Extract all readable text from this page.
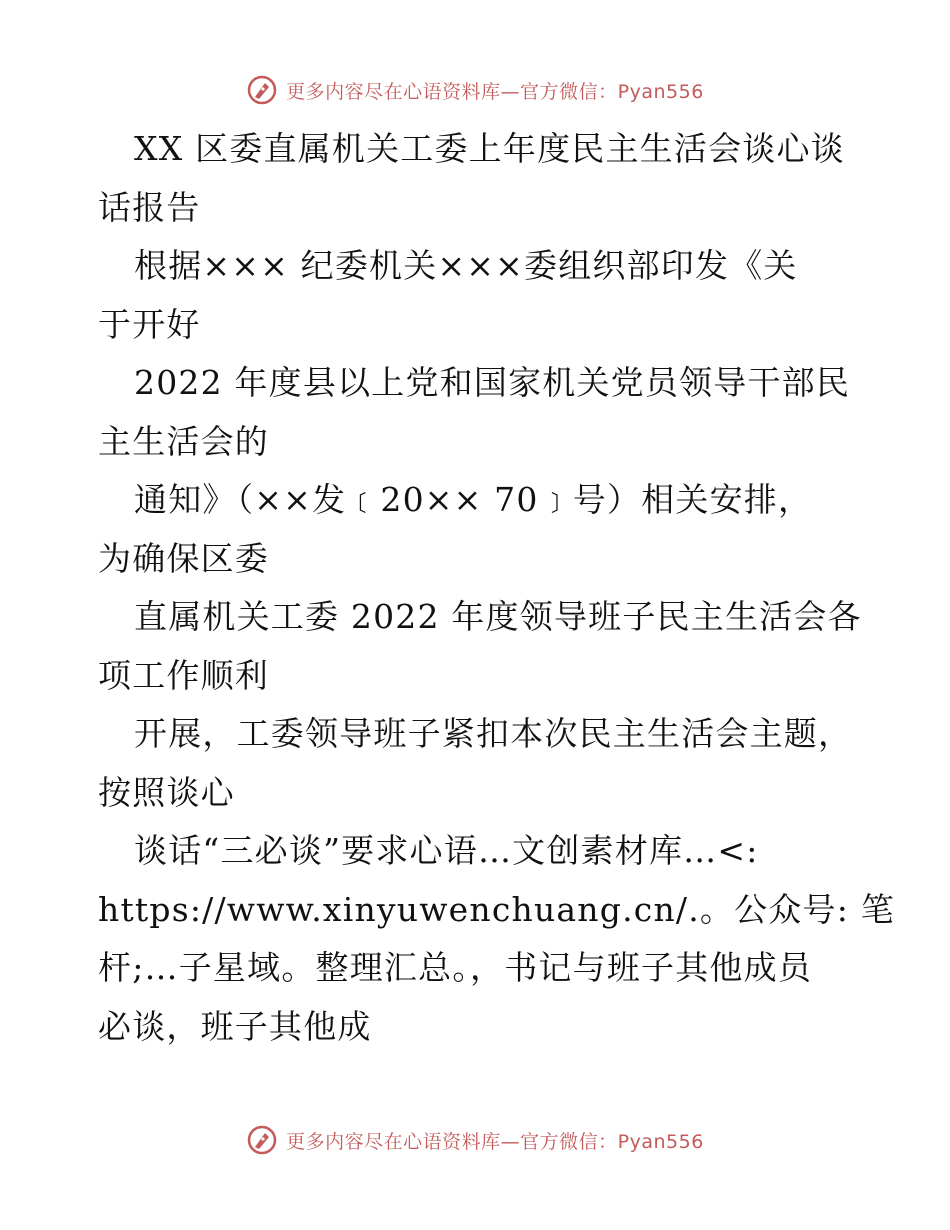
更多内容尽在心语资料库—官方微信：Pyan556
XX 区委直属机关工委上年度民主生活会谈心谈
话报告
根据××× 纪委机关×××委组织部印发《关
于开好
2022 年度县以上党和国家机关党员领导干部民
主生活会的
通知》（××发﹝20×× 70﹞号）相关安排，
为确保区委
直属机关工委 2022 年度领导班子民主生活会各
项工作顺利
开展，工委领导班子紧扣本次民主生活会主题，
按照谈心
谈话“三必谈”要求心语…文创素材库…<:
https://www.xinyuwenchuang.cn/.。公众号: 笔
杆;…子星域。整理汇总。，书记与班子其他成员
必谈，班子其他成
更多内容尽在心语资料库—官方微信：Pyan556
